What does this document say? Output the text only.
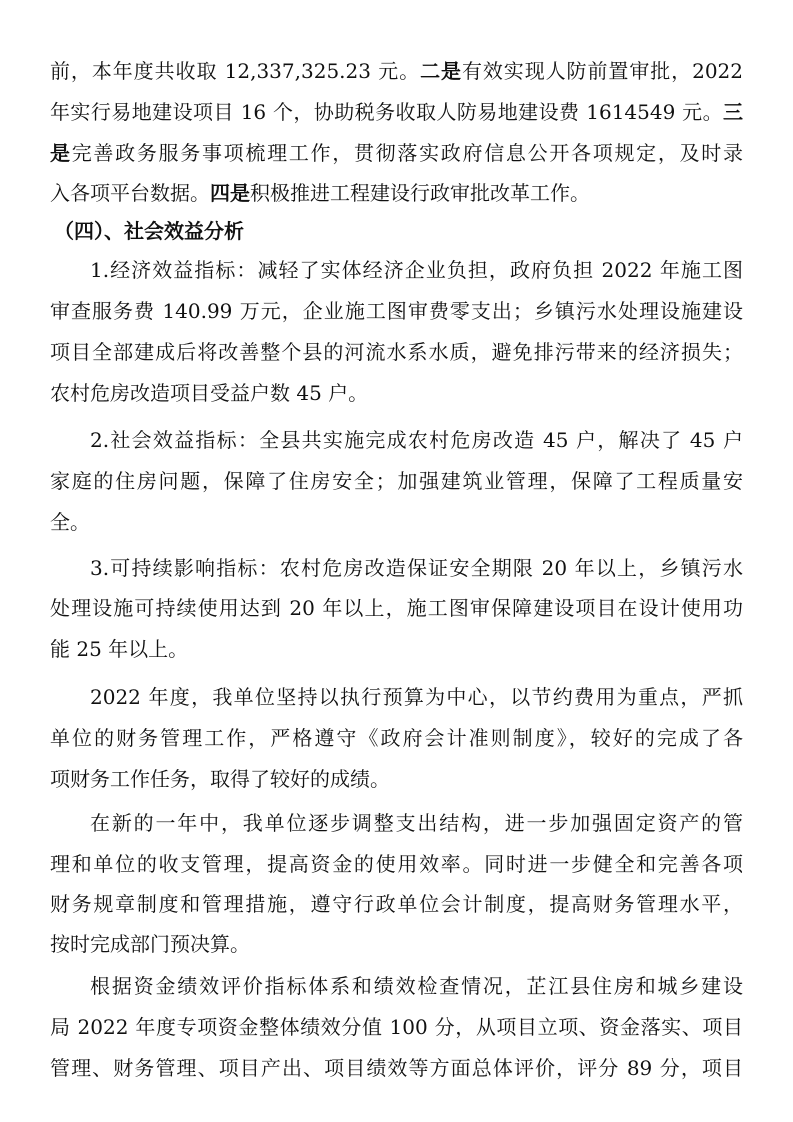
前，本年度共收取 12,337,325.23 元。二是有效实现人防前置审批，2022
年实行易地建设项目 16 个，协助税务收取人防易地建设费 1614549 元。三
是完善政务服务事项梳理工作，贯彻落实政府信息公开各项规定，及时录
入各项平台数据。四是积极推进工程建设行政审批改革工作。
（四）、社会效益分析
1.经济效益指标：减轻了实体经济企业负担，政府负担 2022 年施工图
审查服务费 140.99 万元，企业施工图审费零支出；乡镇污水处理设施建设
项目全部建成后将改善整个县的河流水系水质，避免排污带来的经济损失；
农村危房改造项目受益户数 45 户。
2.社会效益指标：全县共实施完成农村危房改造 45 户，解决了 45 户
家庭的住房问题，保障了住房安全；加强建筑业管理，保障了工程质量安
全。
3.可持续影响指标：农村危房改造保证安全期限 20 年以上，乡镇污水
处理设施可持续使用达到 20 年以上，施工图审保障建设项目在设计使用功
能 25 年以上。
2022 年度，我单位坚持以执行预算为中心，以节约费用为重点，严抓
单位的财务管理工作，严格遵守《政府会计准则制度》，较好的完成了各
项财务工作任务，取得了较好的成绩。
在新的一年中，我单位逐步调整支出结构，进一步加强固定资产的管
理和单位的收支管理，提高资金的使用效率。同时进一步健全和完善各项
财务规章制度和管理措施，遵守行政单位会计制度，提高财务管理水平，
按时完成部门预决算。
根据资金绩效评价指标体系和绩效检查情况，芷江县住房和城乡建设
局 2022 年度专项资金整体绩效分值 100 分，从项目立项、资金落实、项目
管理、财务管理、项目产出、项目绩效等方面总体评价，评分 89 分，项目
